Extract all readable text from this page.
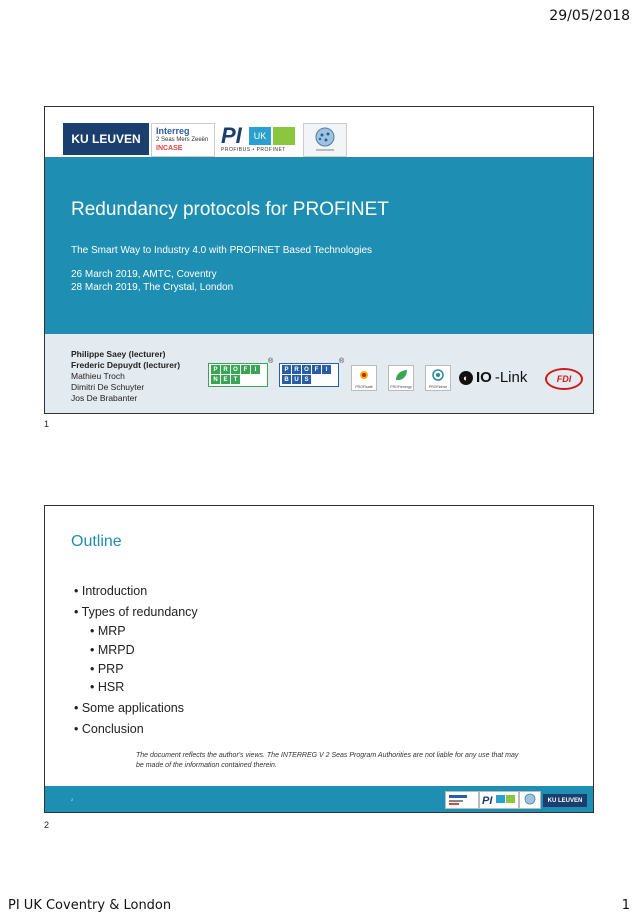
29/05/2018
KU LEUVEN
Interreg
2 Seas Mers Zeeën
INCASE
PI	UK
PROFIBUS • PROFINET
Redundancy protocols for PROFINET
The Smart Way to Industry 4.0 with PROFINET Based Technologies
26 March 2019, AMTC, Coventry
28 March 2019, The Crystal, London
Philippe Saey (lecturer)
Frederic Depuydt (lecturer)
Mathieu Troch
Dimitri De Schuyter
Jos De Brabanter
P R O F	I
N E	T
®
P R O F	I
B U S
®
PROFIsafe	PROFIenergy	PROFIdrive
◐ IO -Link	FDI
1
Outline
• Introduction
• Types of redundancy
• MRP
• MRPD
• PRP
• HSR
• Some applications
• Conclusion
The document reflects the author's views. The INTERREG V 2 Seas Program Authorities are not liable for any use that may be made of the information contained therein.
2	PI	KU LEUVEN
2
PI UK Coventry & London	1
